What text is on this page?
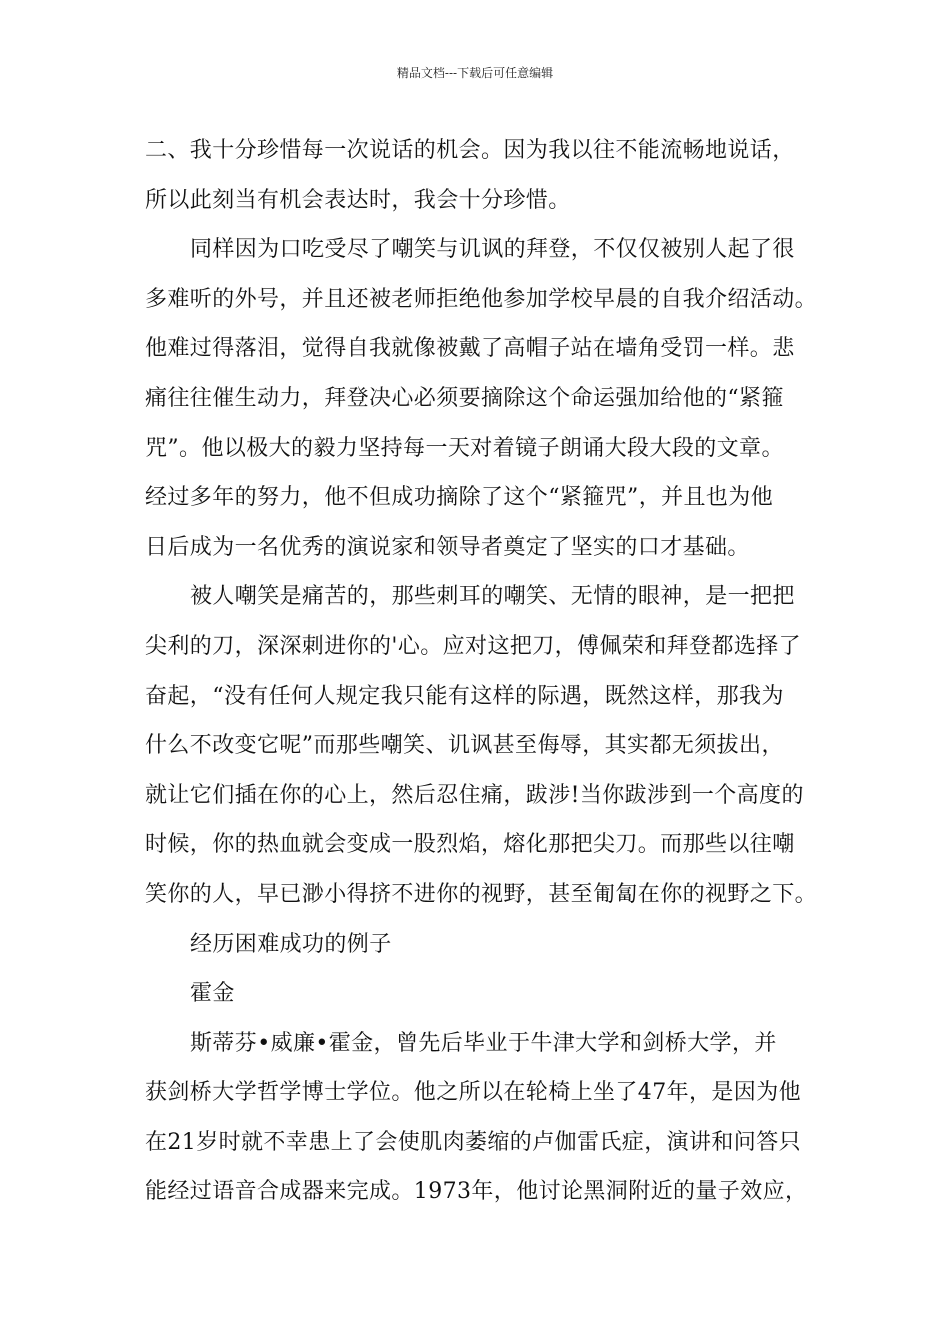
精品文档---下载后可任意编辑
二、我十分珍惜每一次说话的机会。因为我以往不能流畅地说话，
所以此刻当有机会表达时，我会十分珍惜。
同样因为口吃受尽了嘲笑与讥讽的拜登，不仅仅被别人起了很
多难听的外号，并且还被老师拒绝他参加学校早晨的自我介绍活动。
他难过得落泪，觉得自我就像被戴了高帽子站在墙角受罚一样。悲
痛往往催生动力，拜登决心必须要摘除这个命运强加给他的“紧箍
咒”。他以极大的毅力坚持每一天对着镜子朗诵大段大段的文章。
经过多年的努力，他不但成功摘除了这个“紧箍咒”，并且也为他
日后成为一名优秀的演说家和领导者奠定了坚实的口才基础。
被人嘲笑是痛苦的，那些刺耳的嘲笑、无情的眼神，是一把把
尖利的刀，深深刺进你的'心。应对这把刀，傅佩荣和拜登都选择了
奋起，“没有任何人规定我只能有这样的际遇，既然这样，那我为
什么不改变它呢”而那些嘲笑、讥讽甚至侮辱，其实都无须拔出，
就让它们插在你的心上，然后忍住痛，跋涉!当你跋涉到一个高度的
时候，你的热血就会变成一股烈焰，熔化那把尖刀。而那些以往嘲
笑你的人，早已渺小得挤不进你的视野，甚至匍匐在你的视野之下。
经历困难成功的例子
霍金
斯蒂芬•威廉•霍金，曾先后毕业于牛津大学和剑桥大学，并
获剑桥大学哲学博士学位。他之所以在轮椅上坐了47年，是因为他
在21岁时就不幸患上了会使肌肉萎缩的卢伽雷氏症，演讲和问答只
能经过语音合成器来完成。1973年，他讨论黑洞附近的量子效应，
